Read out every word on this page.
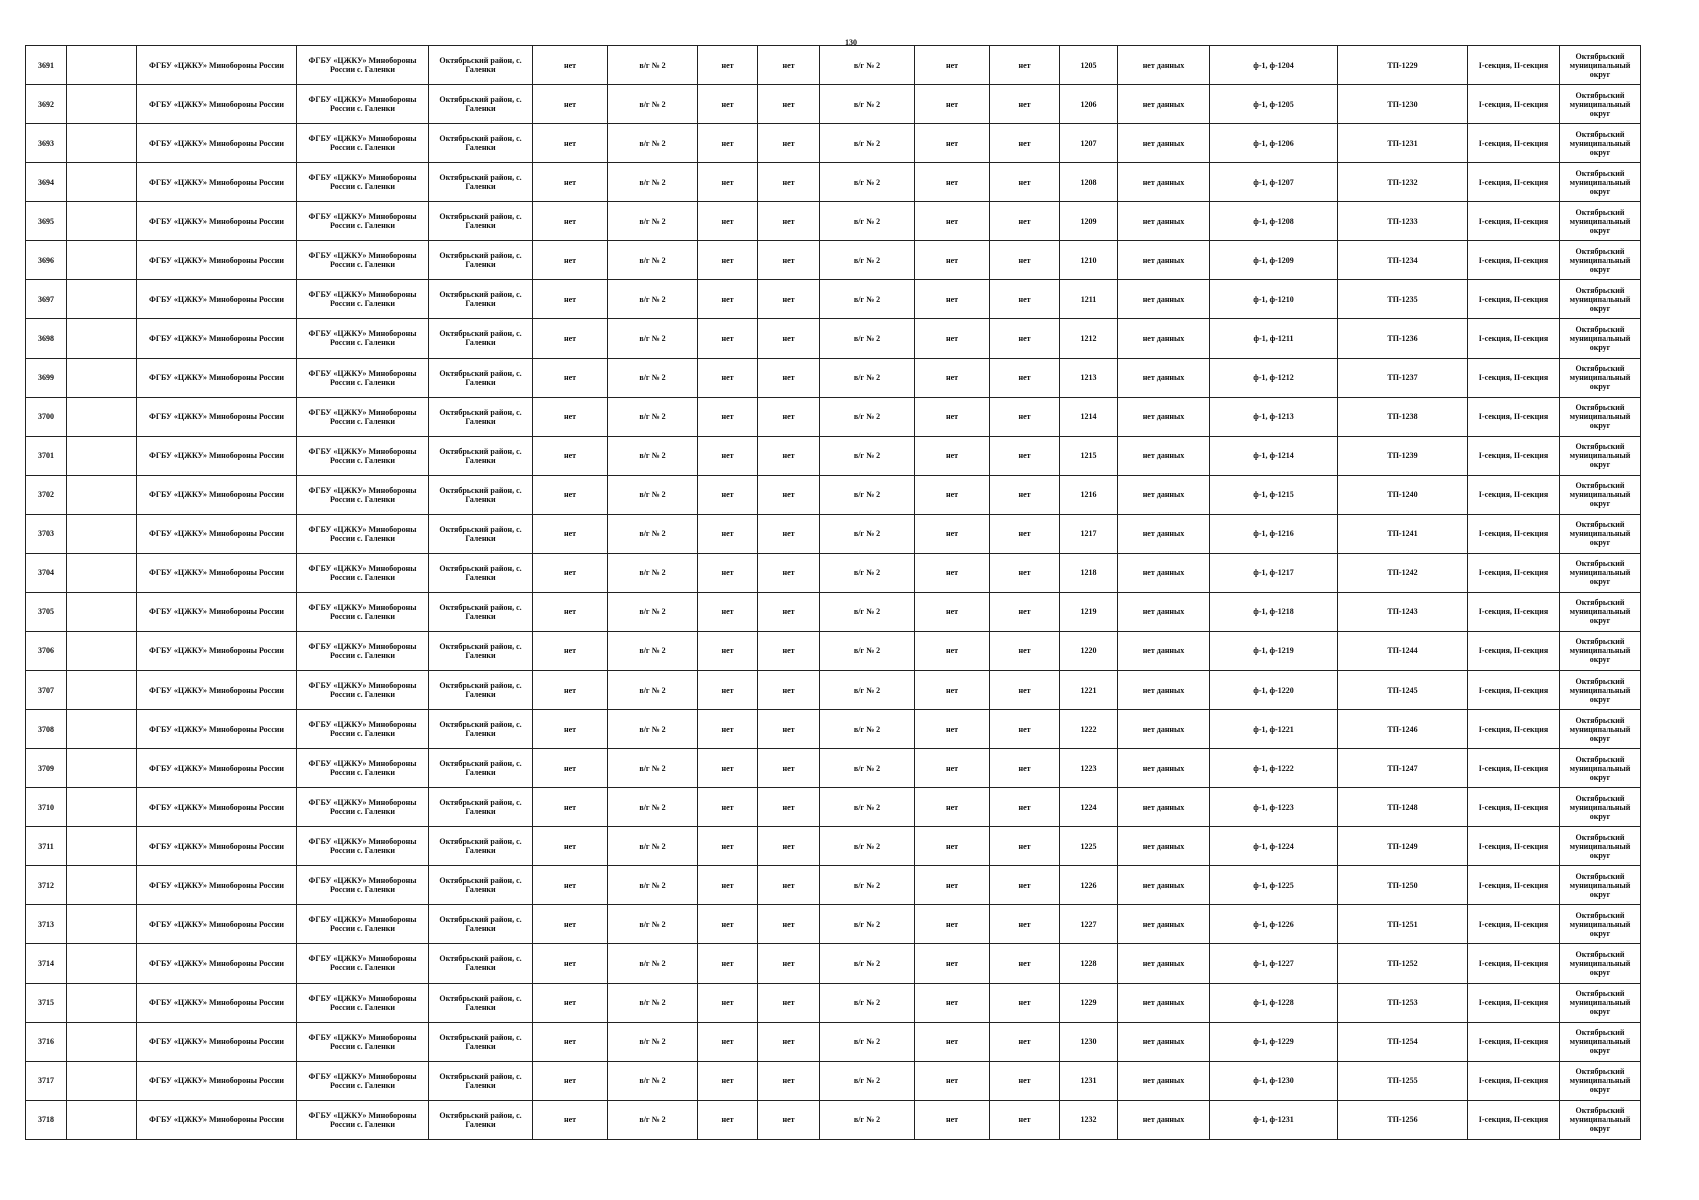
130
3691		ФГБУ «ЦЖКУ» Минобороны России	ФГБУ «ЦЖКУ» Минобороны России с. Галенки	Октябрьский район, с. Галенки	нет	в/г № 2	нет	нет	в/г № 2	нет	нет	1205	нет данных	ф-1, ф-1204	ТП-1229	I-секция, II-секция	Октябрьский муниципальный округ
3692		ФГБУ «ЦЖКУ» Минобороны России	ФГБУ «ЦЖКУ» Минобороны России с. Галенки	Октябрьский район, с. Галенки	нет	в/г № 2	нет	нет	в/г № 2	нет	нет	1206	нет данных	ф-1, ф-1205	ТП-1230	I-секция, II-секция	Октябрьский муниципальный округ
3693		ФГБУ «ЦЖКУ» Минобороны России	ФГБУ «ЦЖКУ» Минобороны России с. Галенки	Октябрьский район, с. Галенки	нет	в/г № 2	нет	нет	в/г № 2	нет	нет	1207	нет данных	ф-1, ф-1206	ТП-1231	I-секция, II-секция	Октябрьский муниципальный округ
3694		ФГБУ «ЦЖКУ» Минобороны России	ФГБУ «ЦЖКУ» Минобороны России с. Галенки	Октябрьский район, с. Галенки	нет	в/г № 2	нет	нет	в/г № 2	нет	нет	1208	нет данных	ф-1, ф-1207	ТП-1232	I-секция, II-секция	Октябрьский муниципальный округ
3695		ФГБУ «ЦЖКУ» Минобороны России	ФГБУ «ЦЖКУ» Минобороны России с. Галенки	Октябрьский район, с. Галенки	нет	в/г № 2	нет	нет	в/г № 2	нет	нет	1209	нет данных	ф-1, ф-1208	ТП-1233	I-секция, II-секция	Октябрьский муниципальный округ
3696		ФГБУ «ЦЖКУ» Минобороны России	ФГБУ «ЦЖКУ» Минобороны России с. Галенки	Октябрьский район, с. Галенки	нет	в/г № 2	нет	нет	в/г № 2	нет	нет	1210	нет данных	ф-1, ф-1209	ТП-1234	I-секция, II-секция	Октябрьский муниципальный округ
3697		ФГБУ «ЦЖКУ» Минобороны России	ФГБУ «ЦЖКУ» Минобороны России с. Галенки	Октябрьский район, с. Галенки	нет	в/г № 2	нет	нет	в/г № 2	нет	нет	1211	нет данных	ф-1, ф-1210	ТП-1235	I-секция, II-секция	Октябрьский муниципальный округ
3698		ФГБУ «ЦЖКУ» Минобороны России	ФГБУ «ЦЖКУ» Минобороны России с. Галенки	Октябрьский район, с. Галенки	нет	в/г № 2	нет	нет	в/г № 2	нет	нет	1212	нет данных	ф-1, ф-1211	ТП-1236	I-секция, II-секция	Октябрьский муниципальный округ
3699		ФГБУ «ЦЖКУ» Минобороны России	ФГБУ «ЦЖКУ» Минобороны России с. Галенки	Октябрьский район, с. Галенки	нет	в/г № 2	нет	нет	в/г № 2	нет	нет	1213	нет данных	ф-1, ф-1212	ТП-1237	I-секция, II-секция	Октябрьский муниципальный округ
3700		ФГБУ «ЦЖКУ» Минобороны России	ФГБУ «ЦЖКУ» Минобороны России с. Галенки	Октябрьский район, с. Галенки	нет	в/г № 2	нет	нет	в/г № 2	нет	нет	1214	нет данных	ф-1, ф-1213	ТП-1238	I-секция, II-секция	Октябрьский муниципальный округ
3701		ФГБУ «ЦЖКУ» Минобороны России	ФГБУ «ЦЖКУ» Минобороны России с. Галенки	Октябрьский район, с. Галенки	нет	в/г № 2	нет	нет	в/г № 2	нет	нет	1215	нет данных	ф-1, ф-1214	ТП-1239	I-секция, II-секция	Октябрьский муниципальный округ
3702		ФГБУ «ЦЖКУ» Минобороны России	ФГБУ «ЦЖКУ» Минобороны России с. Галенки	Октябрьский район, с. Галенки	нет	в/г № 2	нет	нет	в/г № 2	нет	нет	1216	нет данных	ф-1, ф-1215	ТП-1240	I-секция, II-секция	Октябрьский муниципальный округ
3703		ФГБУ «ЦЖКУ» Минобороны России	ФГБУ «ЦЖКУ» Минобороны России с. Галенки	Октябрьский район, с. Галенки	нет	в/г № 2	нет	нет	в/г № 2	нет	нет	1217	нет данных	ф-1, ф-1216	ТП-1241	I-секция, II-секция	Октябрьский муниципальный округ
3704		ФГБУ «ЦЖКУ» Минобороны России	ФГБУ «ЦЖКУ» Минобороны России с. Галенки	Октябрьский район, с. Галенки	нет	в/г № 2	нет	нет	в/г № 2	нет	нет	1218	нет данных	ф-1, ф-1217	ТП-1242	I-секция, II-секция	Октябрьский муниципальный округ
3705		ФГБУ «ЦЖКУ» Минобороны России	ФГБУ «ЦЖКУ» Минобороны России с. Галенки	Октябрьский район, с. Галенки	нет	в/г № 2	нет	нет	в/г № 2	нет	нет	1219	нет данных	ф-1, ф-1218	ТП-1243	I-секция, II-секция	Октябрьский муниципальный округ
3706		ФГБУ «ЦЖКУ» Минобороны России	ФГБУ «ЦЖКУ» Минобороны России с. Галенки	Октябрьский район, с. Галенки	нет	в/г № 2	нет	нет	в/г № 2	нет	нет	1220	нет данных	ф-1, ф-1219	ТП-1244	I-секция, II-секция	Октябрьский муниципальный округ
3707		ФГБУ «ЦЖКУ» Минобороны России	ФГБУ «ЦЖКУ» Минобороны России с. Галенки	Октябрьский район, с. Галенки	нет	в/г № 2	нет	нет	в/г № 2	нет	нет	1221	нет данных	ф-1, ф-1220	ТП-1245	I-секция, II-секция	Октябрьский муниципальный округ
3708		ФГБУ «ЦЖКУ» Минобороны России	ФГБУ «ЦЖКУ» Минобороны России с. Галенки	Октябрьский район, с. Галенки	нет	в/г № 2	нет	нет	в/г № 2	нет	нет	1222	нет данных	ф-1, ф-1221	ТП-1246	I-секция, II-секция	Октябрьский муниципальный округ
3709		ФГБУ «ЦЖКУ» Минобороны России	ФГБУ «ЦЖКУ» Минобороны России с. Галенки	Октябрьский район, с. Галенки	нет	в/г № 2	нет	нет	в/г № 2	нет	нет	1223	нет данных	ф-1, ф-1222	ТП-1247	I-секция, II-секция	Октябрьский муниципальный округ
3710		ФГБУ «ЦЖКУ» Минобороны России	ФГБУ «ЦЖКУ» Минобороны России с. Галенки	Октябрьский район, с. Галенки	нет	в/г № 2	нет	нет	в/г № 2	нет	нет	1224	нет данных	ф-1, ф-1223	ТП-1248	I-секция, II-секция	Октябрьский муниципальный округ
3711		ФГБУ «ЦЖКУ» Минобороны России	ФГБУ «ЦЖКУ» Минобороны России с. Галенки	Октябрьский район, с. Галенки	нет	в/г № 2	нет	нет	в/г № 2	нет	нет	1225	нет данных	ф-1, ф-1224	ТП-1249	I-секция, II-секция	Октябрьский муниципальный округ
3712		ФГБУ «ЦЖКУ» Минобороны России	ФГБУ «ЦЖКУ» Минобороны России с. Галенки	Октябрьский район, с. Галенки	нет	в/г № 2	нет	нет	в/г № 2	нет	нет	1226	нет данных	ф-1, ф-1225	ТП-1250	I-секция, II-секция	Октябрьский муниципальный округ
3713		ФГБУ «ЦЖКУ» Минобороны России	ФГБУ «ЦЖКУ» Минобороны России с. Галенки	Октябрьский район, с. Галенки	нет	в/г № 2	нет	нет	в/г № 2	нет	нет	1227	нет данных	ф-1, ф-1226	ТП-1251	I-секция, II-секция	Октябрьский муниципальный округ
3714		ФГБУ «ЦЖКУ» Минобороны России	ФГБУ «ЦЖКУ» Минобороны России с. Галенки	Октябрьский район, с. Галенки	нет	в/г № 2	нет	нет	в/г № 2	нет	нет	1228	нет данных	ф-1, ф-1227	ТП-1252	I-секция, II-секция	Октябрьский муниципальный округ
3715		ФГБУ «ЦЖКУ» Минобороны России	ФГБУ «ЦЖКУ» Минобороны России с. Галенки	Октябрьский район, с. Галенки	нет	в/г № 2	нет	нет	в/г № 2	нет	нет	1229	нет данных	ф-1, ф-1228	ТП-1253	I-секция, II-секция	Октябрьский муниципальный округ
3716		ФГБУ «ЦЖКУ» Минобороны России	ФГБУ «ЦЖКУ» Минобороны России с. Галенки	Октябрьский район, с. Галенки	нет	в/г № 2	нет	нет	в/г № 2	нет	нет	1230	нет данных	ф-1, ф-1229	ТП-1254	I-секция, II-секция	Октябрьский муниципальный округ
3717		ФГБУ «ЦЖКУ» Минобороны России	ФГБУ «ЦЖКУ» Минобороны России с. Галенки	Октябрьский район, с. Галенки	нет	в/г № 2	нет	нет	в/г № 2	нет	нет	1231	нет данных	ф-1, ф-1230	ТП-1255	I-секция, II-секция	Октябрьский муниципальный округ
3718		ФГБУ «ЦЖКУ» Минобороны России	ФГБУ «ЦЖКУ» Минобороны России с. Галенки	Октябрьский район, с. Галенки	нет	в/г № 2	нет	нет	в/г № 2	нет	нет	1232	нет данных	ф-1, ф-1231	ТП-1256	I-секция, II-секция	Октябрьский муниципальный округ
